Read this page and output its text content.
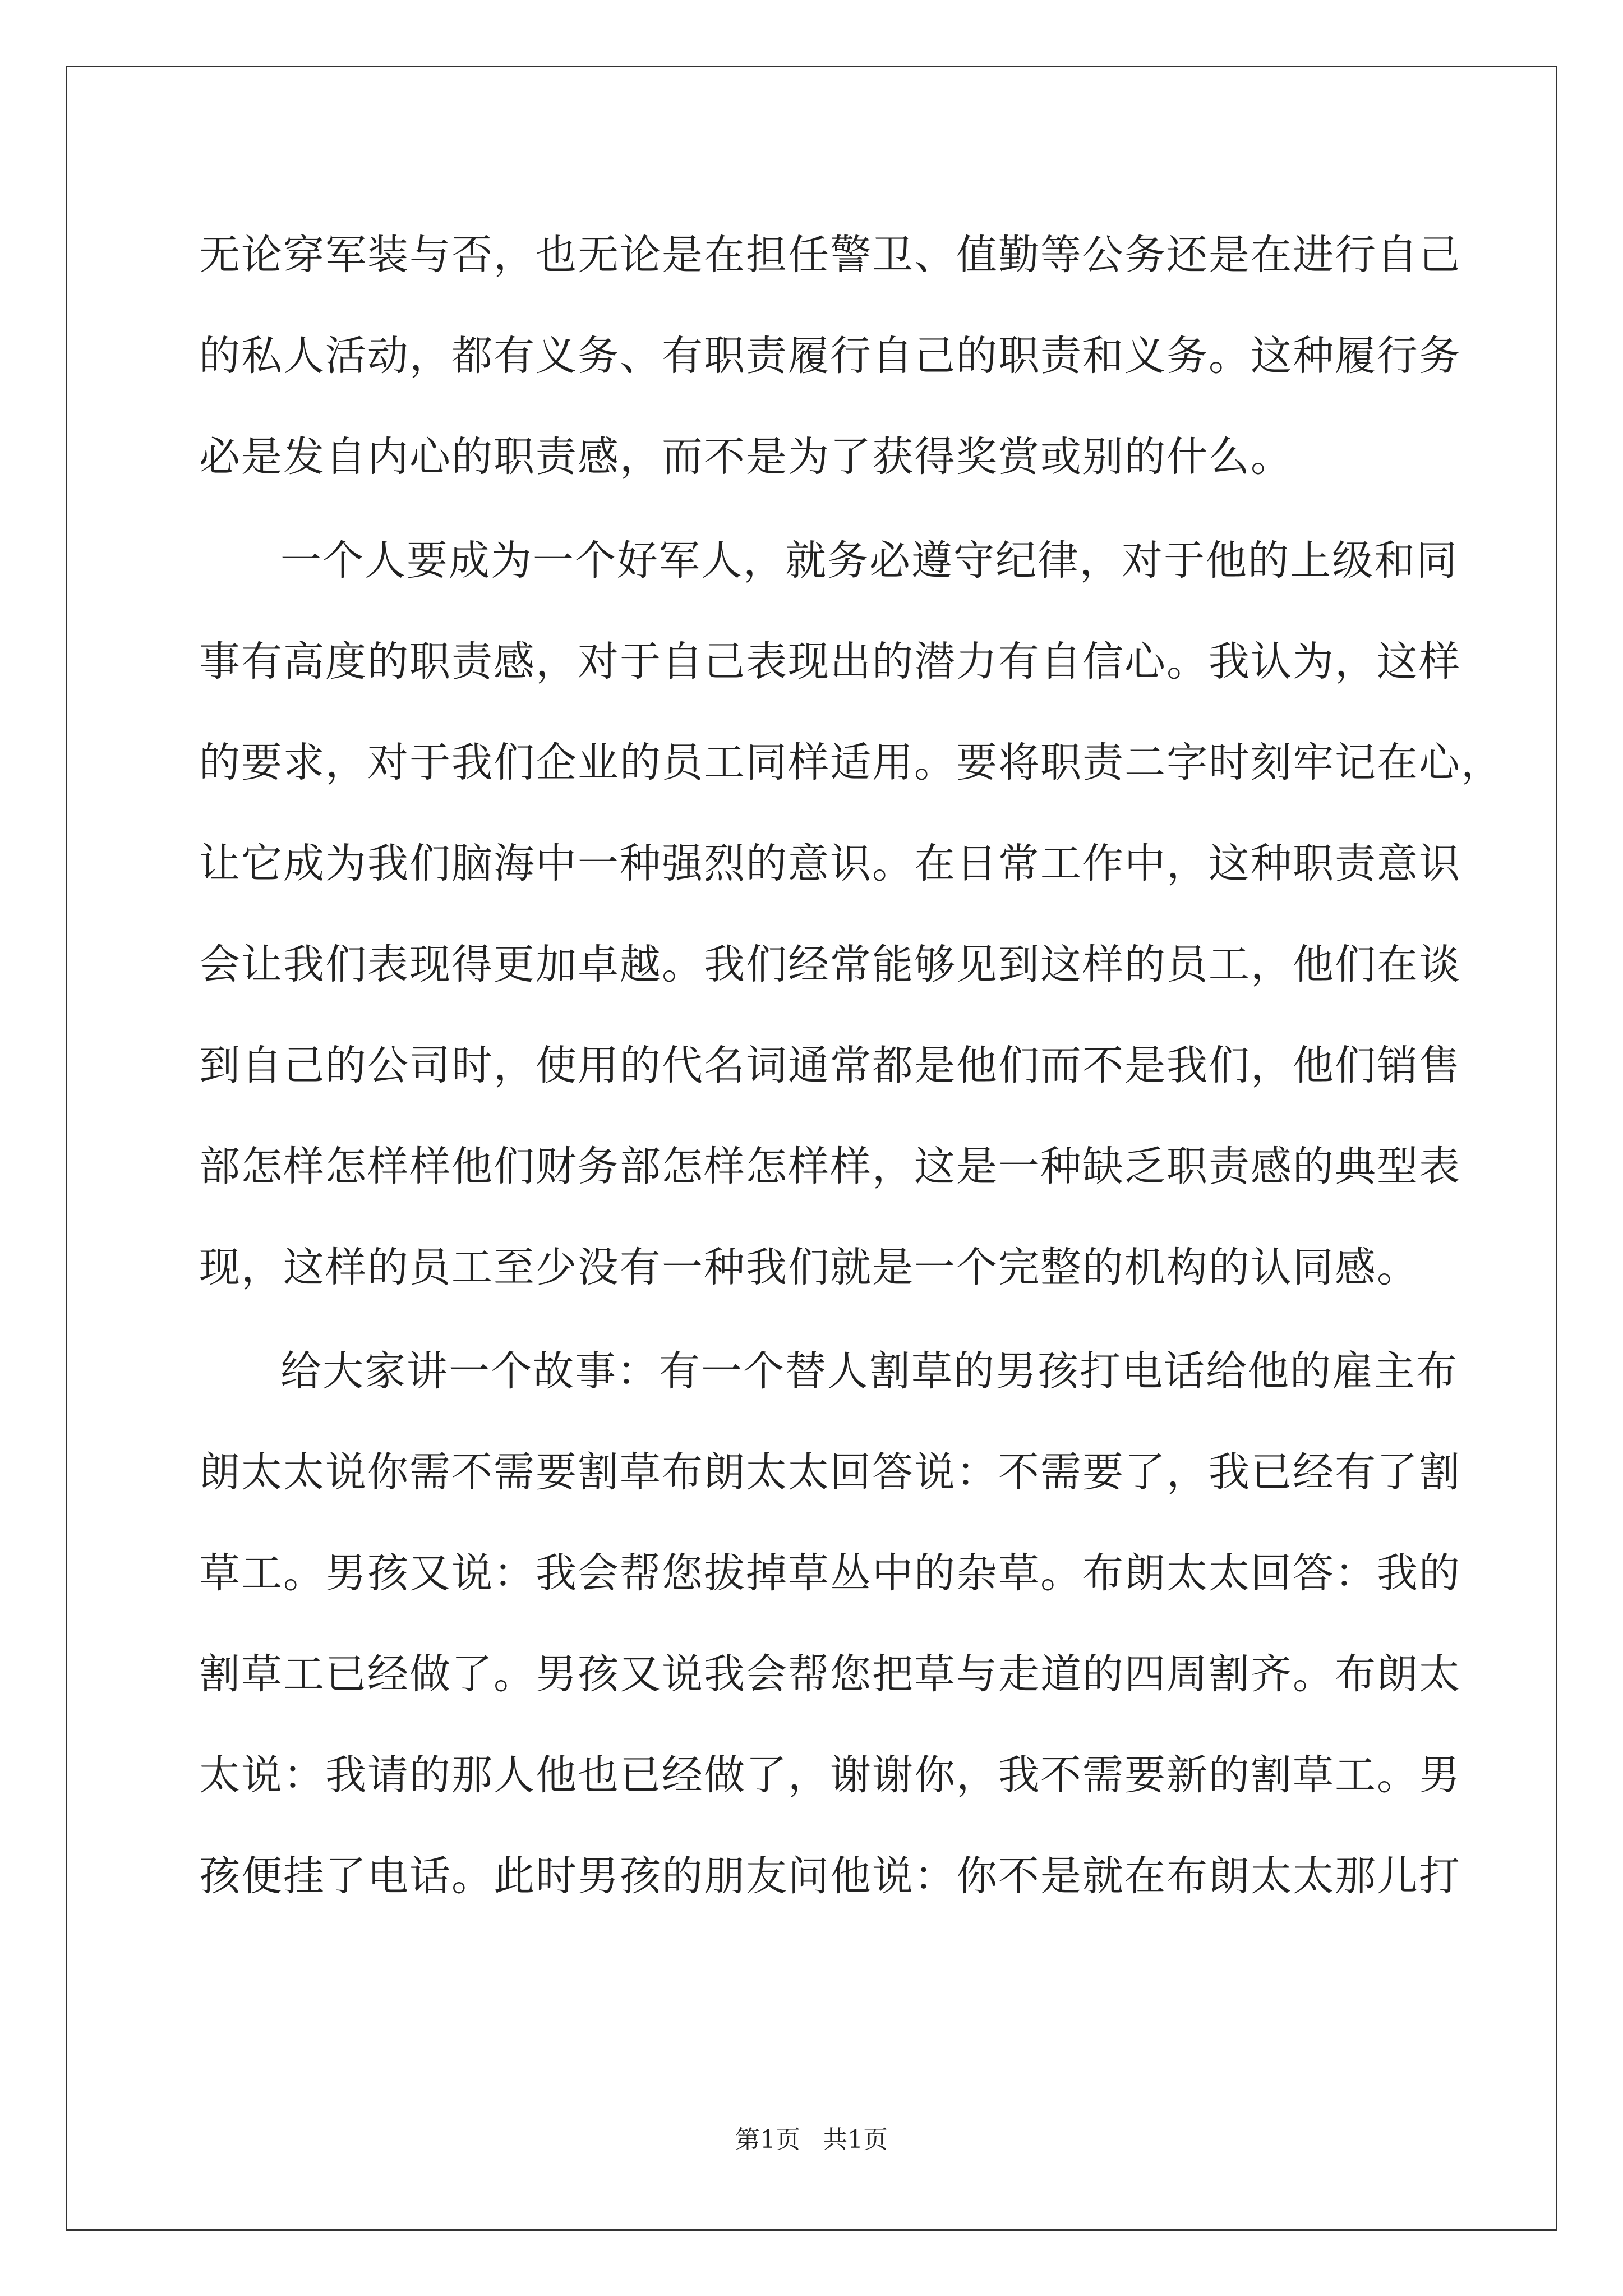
无论穿军装与否，也无论是在担任警卫、值勤等公务还是在进行自己
的私人活动，都有义务、有职责履行自己的职责和义务。这种履行务
必是发自内心的职责感，而不是为了获得奖赏或别的什么。
一个人要成为一个好军人，就务必遵守纪律，对于他的上级和同
事有高度的职责感，对于自己表现出的潜力有自信心。我认为，这样
的要求，对于我们企业的员工同样适用。要将职责二字时刻牢记在心，
让它成为我们脑海中一种强烈的意识。在日常工作中，这种职责意识
会让我们表现得更加卓越。我们经常能够见到这样的员工，他们在谈
到自己的公司时，使用的代名词通常都是他们而不是我们，他们销售
部怎样怎样样他们财务部怎样怎样样，这是一种缺乏职责感的典型表
现，这样的员工至少没有一种我们就是一个完整的机构的认同感。
给大家讲一个故事：有一个替人割草的男孩打电话给他的雇主布
朗太太说你需不需要割草布朗太太回答说：不需要了，我已经有了割
草工。男孩又说：我会帮您拔掉草丛中的杂草。布朗太太回答：我的
割草工已经做了。男孩又说我会帮您把草与走道的四周割齐。布朗太
太说：我请的那人他也已经做了，谢谢你，我不需要新的割草工。男
孩便挂了电话。此时男孩的朋友问他说：你不是就在布朗太太那儿打
第1页 共1页
